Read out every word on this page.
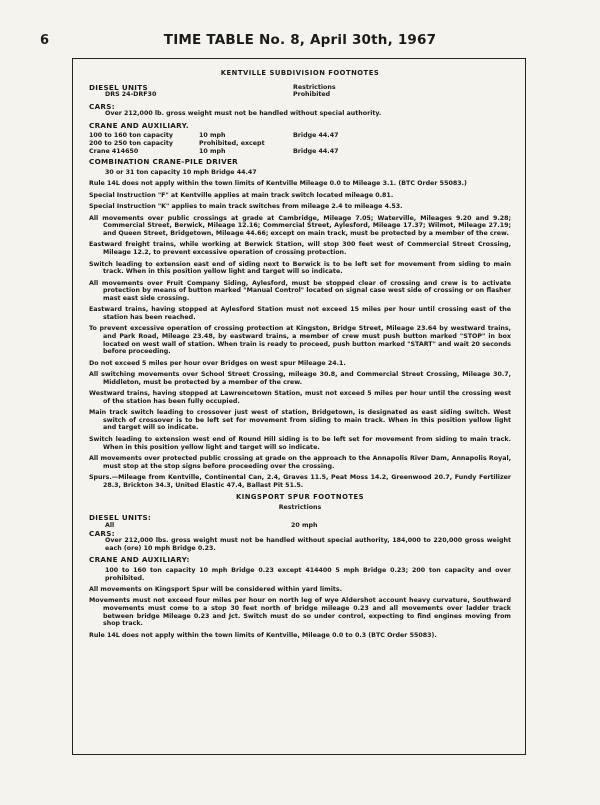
6	TIME TABLE No. 8, April 30th, 1967
KENTVILLE SUBDIVISION FOOTNOTES
DIESEL UNITS	Restrictions
DRS 24-DRF30	Prohibited
CARS:
Over 212,000 lb. gross weight must not be handled without special authority.
CRANE AND AUXILIARY.
100 to 160 ton capacity	10 mph	Bridge 44.47
200 to 250 ton capacity	Prohibited, except
Crane 414650	10 mph	Bridge 44.47
COMBINATION CRANE-PILE DRIVER
30 or 31 ton capacity 10 mph Bridge 44.47
Rule 14L does not apply within the town limits of Kentville Mileage 0.0 to Mileage 3.1. (BTC Order 55083.)
Special Instruction "F" at Kentville applies at main track switch located mileage 0.81.
Special Instruction "K" applies to main track switches from mileage 2.4 to mileage 4.53.
All movements over public crossings at grade at Cambridge, Mileage 7.05; Waterville, Mileages 9.20 and 9.28; Commercial Street, Berwick, Mileage 12.16; Commercial Street, Aylesford, Mileage 17.37; Wilmot, Mileage 27.19; and Queen Street, Bridgetown, Mileage 44.66; except on main track, must be protected by a member of the crew.
Eastward freight trains, while working at Berwick Station, will stop 300 feet west of Commercial Street Crossing, Mileage 12.2, to prevent excessive operation of crossing protection.
Switch leading to extension east end of siding next to Berwick is to be left set for movement from siding to main track. When in this position yellow light and target will so indicate.
All movements over Fruit Company Siding, Aylesford, must be stopped clear of crossing and crew is to activate protection by means of button marked "Manual Control" located on signal case west side of crossing or on flasher mast east side crossing.
Eastward trains, having stopped at Aylesford Station must not exceed 15 miles per hour until crossing east of the station has been reached.
To prevent excessive operation of crossing protection at Kingston, Bridge Street, Mileage 23.64 by westward trains, and Park Road, Mileage 23.48, by eastward trains, a member of crew must push button marked "STOP" in box located on west wall of station. When train is ready to proceed, push button marked "START" and wait 20 seconds before proceeding.
Do not exceed 5 miles per hour over Bridges on west spur Mileage 24.1.
All switching movements over School Street Crossing, mileage 30.8, and Commercial Street Crossing, Mileage 30.7, Middleton, must be protected by a member of the crew.
Westward trains, having stopped at Lawrencetown Station, must not exceed 5 miles per hour until the crossing west of the station has been fully occupied.
Main track switch leading to crossover just west of station, Bridgetown, is designated as east siding switch. West switch of crossover is to be left set for movement from siding to main track. When in this position yellow light and target will so indicate.
Switch leading to extension west end of Round Hill siding is to be left set for movement from siding to main track. When in this position yellow light and target will so indicate.
All movements over protected public crossing at grade on the approach to the Annapolis River Dam, Annapolis Royal, must stop at the stop signs before proceeding over the crossing.
Spurs.—Mileage from Kentville, Continental Can, 2.4, Graves 11.5, Peat Moss 14.2, Greenwood 20.7, Fundy Fertilizer 28.3, Brickton 34.3, United Elastic 47.4, Ballast Pit 51.5.
KINGSPORT SPUR FOOTNOTES
Restrictions
DIESEL UNITS:
All	20 mph
CARS:
Over 212,000 lbs. gross weight must not be handled without special authority, 184,000 to 220,000 gross weight each (ore) 10 mph Bridge 0.23.
CRANE AND AUXILIARY:
100 to 160 ton capacity 10 mph Bridge 0.23 except 414400 5 mph Bridge 0.23; 200 ton capacity and over prohibited.
All movements on Kingsport Spur will be considered within yard limits.
Movements must not exceed four miles per hour on north leg of wye Aldershot account heavy curvature, Southward movements must come to a stop 30 feet north of bridge mileage 0.23 and all movements over ladder track between bridge Mileage 0.23 and Jct. Switch must do so under control, expecting to find engines moving from shop track.
Rule 14L does not apply within the town limits of Kentville, Mileage 0.0 to 0.3 (BTC Order 55083).
